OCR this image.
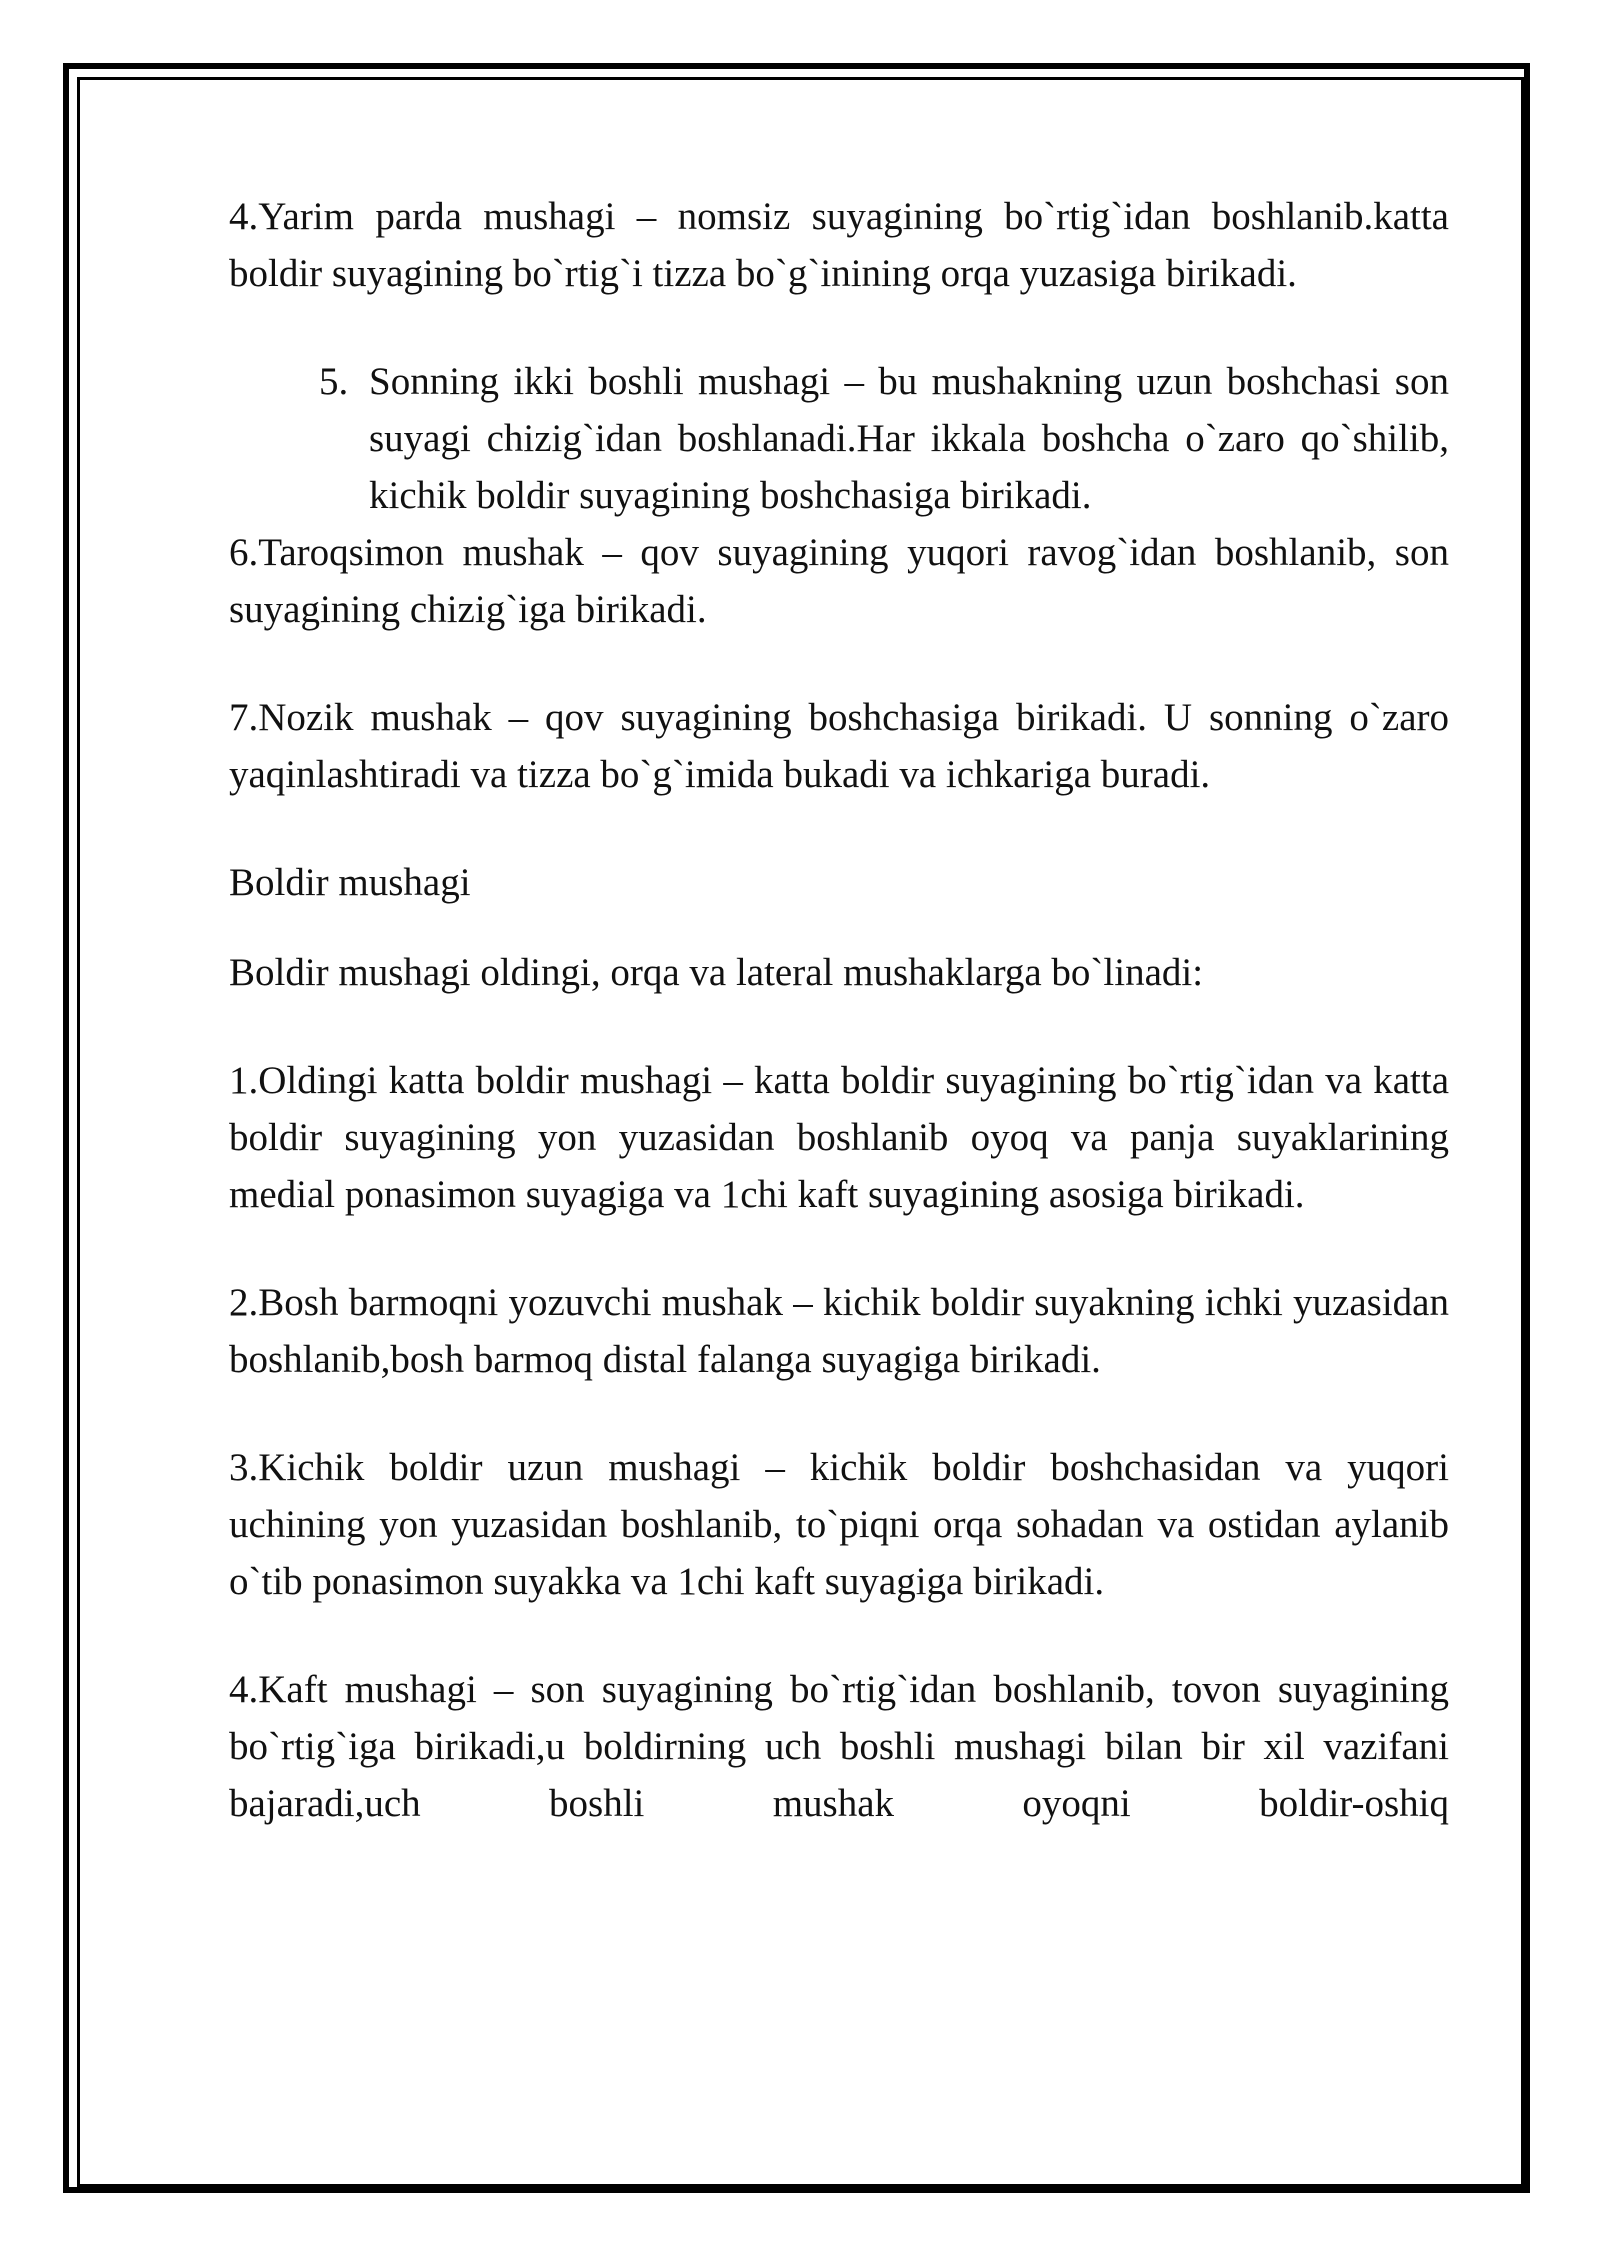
4.Yarim parda mushagi – nomsiz suyagining bo`rtig`idan boshlanib.katta boldir suyagining bo`rtig`i tizza bo`g`inining orqa yuzasiga birikadi.

5. Sonning ikki boshli mushagi – bu mushakning uzun boshchasi son suyagi chizig`idan boshlanadi.Har ikkala boshcha o`zaro qo`shilib, kichik boldir suyagining boshchasiga birikadi.

6.Taroqsimon mushak – qov suyagining yuqori ravog`idan boshlanib, son suyagining chizig`iga birikadi.

7.Nozik mushak – qov suyagining boshchasiga birikadi. U sonning o`zaro yaqinlashtiradi va tizza bo`g`imida bukadi va ichkariga buradi.

Boldir mushagi

Boldir mushagi oldingi, orqa va lateral mushaklarga bo`linadi:

1.Oldingi katta boldir mushagi – katta boldir suyagining bo`rtig`idan va katta boldir suyagining yon yuzasidan boshlanib oyoq va panja suyaklarining medial ponasimon suyagiga va 1chi kaft suyagining asosiga birikadi.

2.Bosh barmoqni yozuvchi mushak – kichik boldir suyakning ichki yuzasidan boshlanib,bosh barmoq distal falanga suyagiga birikadi.

3.Kichik boldir uzun mushagi – kichik boldir boshchasidan va yuqori uchining yon yuzasidan boshlanib, to`piqni orqa sohadan va ostidan aylanib o`tib ponasimon suyakka va 1chi kaft suyagiga birikadi.

4.Kaft mushagi – son suyagining bo`rtig`idan boshlanib, tovon suyagining bo`rtig`iga birikadi,u boldirning uch boshli mushagi bilan bir xil vazifani bajaradi,uch boshli mushak oyoqni boldir-oshiq
